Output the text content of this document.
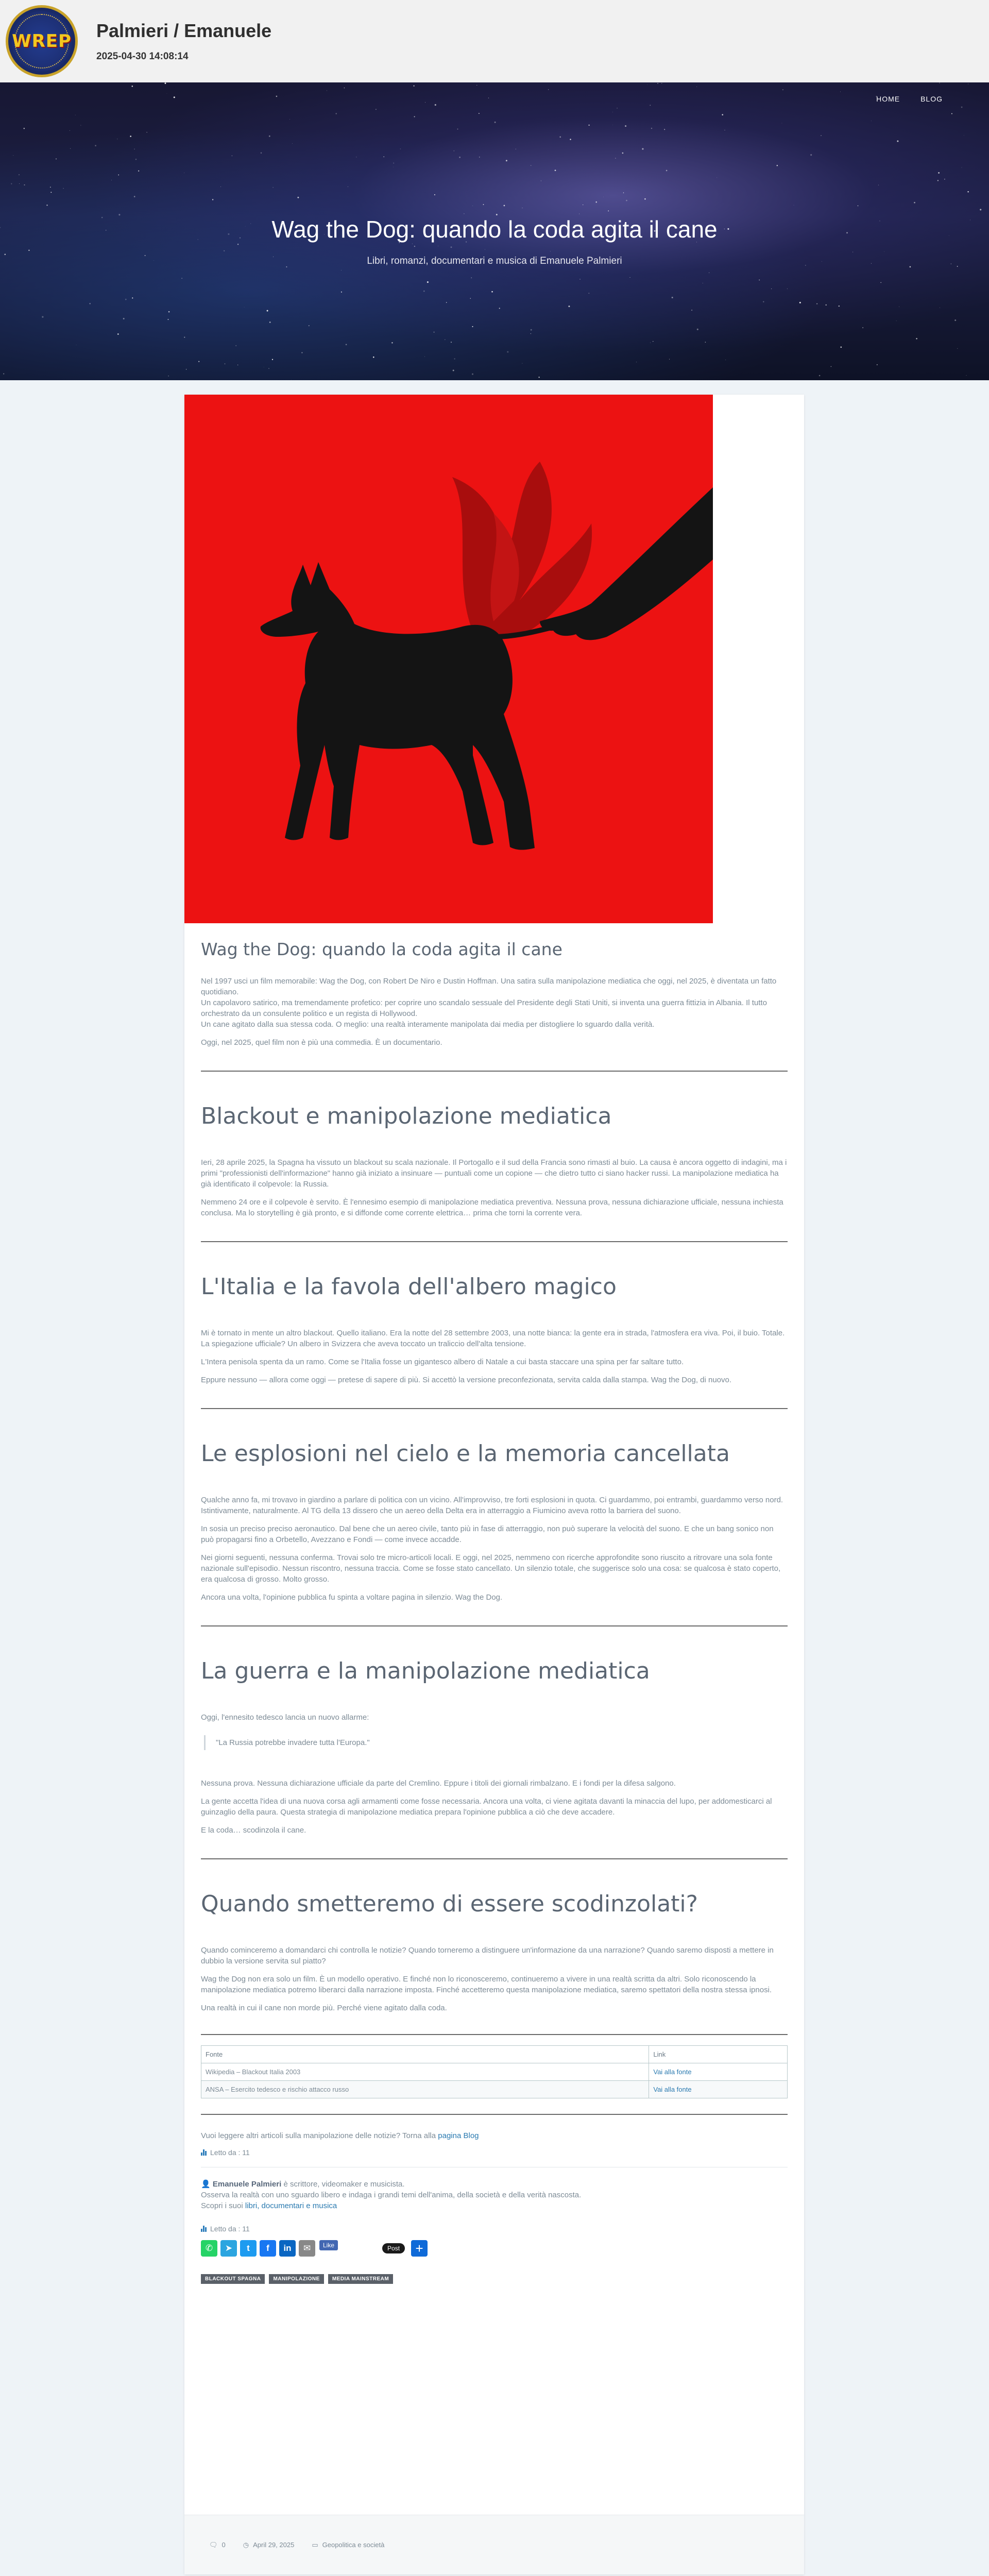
WREP Palmieri / Emanuele
2025-04-30 14:08:14
HOME	BLOG
Wag the Dog: quando la coda agita il cane
Libri, romanzi, documentari e musica di Emanuele Palmieri
Wag the Dog: quando la coda agita il cane

Nel 1997 usci un film memorabile: Wag the Dog, con Robert De Niro e Dustin Hoffman. Una satira sulla manipolazione mediatica che oggi, nel 2025, è diventata un fatto quotidiano.

Un capolavoro satirico, ma tremendamente profetico: per coprire uno scandalo sessuale del Presidente degli Stati Uniti, si inventa una guerra fittizia in Albania. Il tutto orchestrato da un consulente politico e un regista di Hollywood.

Un cane agitato dalla sua stessa coda. O meglio: una realtà interamente manipolata dai media per distogliere lo sguardo dalla verità.

Oggi, nel 2025, quel film non è più una commedia. È un documentario.

Blackout e manipolazione mediatica

Ieri, 28 aprile 2025, la Spagna ha vissuto un blackout su scala nazionale. Il Portogallo e il sud della Francia sono rimasti al buio. La causa è ancora oggetto di indagini, ma i primi "professionisti dell'informazione" hanno già iniziato a insinuare — puntuali come un copione — che dietro tutto ci siano hacker russi. La manipolazione mediatica ha già identificato il colpevole: la Russia.

Nemmeno 24 ore e il colpevole è servito. È l'ennesimo esempio di manipolazione mediatica preventiva. Nessuna prova, nessuna dichiarazione ufficiale, nessuna inchiesta conclusa. Ma lo storytelling è già pronto, e si diffonde come corrente elettrica… prima che torni la corrente vera.

L'Italia e la favola dell'albero magico

Mi è tornato in mente un altro blackout. Quello italiano. Era la notte del 28 settembre 2003, una notte bianca: la gente era in strada, l'atmosfera era viva. Poi, il buio. Totale. La spiegazione ufficiale? Un albero in Svizzera che aveva toccato un traliccio dell'alta tensione.

L'Intera penisola spenta da un ramo. Come se l'Italia fosse un gigantesco albero di Natale a cui basta staccare una spina per far saltare tutto.

Eppure nessuno — allora come oggi — pretese di sapere di più. Si accettò la versione preconfezionata, servita calda dalla stampa. Wag the Dog, di nuovo.

Le esplosioni nel cielo e la memoria cancellata

Qualche anno fa, mi trovavo in giardino a parlare di politica con un vicino. All'improvviso, tre forti esplosioni in quota. Ci guardammo, poi entrambi, guardammo verso nord. Istintivamente, naturalmente. Al TG della 13 dissero che un aereo della Delta era in atterraggio a Fiumicino aveva rotto la barriera del suono.

In sosia un preciso preciso aeronautico. Dal bene che un aereo civile, tanto più in fase di atterraggio, non può superare la velocità del suono. E che un bang sonico non può propagarsi fino a Orbetello, Avezzano e Fondi — come invece accadde.

Nei giorni seguenti, nessuna conferma. Trovai solo tre micro-articoli locali. E oggi, nel 2025, nemmeno con ricerche approfondite sono riuscito a ritrovare una sola fonte nazionale sull'episodio. Nessun riscontro, nessuna traccia. Come se fosse stato cancellato. Un silenzio totale, che suggerisce solo una cosa: se qualcosa è stato coperto, era qualcosa di grosso. Molto grosso.

Ancora una volta, l'opinione pubblica fu spinta a voltare pagina in silenzio. Wag the Dog.

La guerra e la manipolazione mediatica

Oggi, l'ennesito tedesco lancia un nuovo allarme:

"La Russia potrebbe invadere tutta l'Europa."

Nessuna prova. Nessuna dichiarazione ufficiale da parte del Cremlino. Eppure i titoli dei giornali rimbalzano. E i fondi per la difesa salgono.

La gente accetta l'idea di una nuova corsa agli armamenti come fosse necessaria. Ancora una volta, ci viene agitata davanti la minaccia del lupo, per addomesticarci al guinzaglio della paura. Questa strategia di manipolazione mediatica prepara l'opinione pubblica a ciò che deve accadere.

E la coda… scodinzola il cane.

Quando smetteremo di essere scodinzolati?

Quando cominceremo a domandarci chi controlla le notizie? Quando torneremo a distinguere un'informazione da una narrazione? Quando saremo disposti a mettere in dubbio la versione servita sul piatto?

Wag the Dog non era solo un film. È un modello operativo. E finché non lo riconosceremo, continueremo a vivere in una realtà scritta da altri. Solo riconoscendo la manipolazione mediatica potremo liberarci dalla narrazione imposta. Finché accetteremo questa manipolazione mediatica, saremo spettatori della nostra stessa ipnosi.

Una realtà in cui il cane non morde più. Perché viene agitato dalla coda.

Fonte	Link
Wikipedia – Blackout Italia 2003	Vai alla fonte
ANSA – Esercito tedesco e rischio attacco russo	Vai alla fonte

Vuoi leggere altri articoli sulla manipolazione delle notizie? Torna alla pagina Blog

Letto da : 11

👤 Emanuele Palmieri è scrittore, videomaker e musicista.
Osserva la realtà con uno sguardo libero e indaga i grandi temi dell'anima, della società e della verità nascosta.
Scopri i suoi libri, documentari e musica

Letto da : 11
✆	➤	t	f	in	✉	Like	Post	+
BLACKOUT SPAGNA	MANIPOLAZIONE	MEDIA MAINSTREAM
🗨 0	◷ April 29, 2025	▭ Geopolitica e società
